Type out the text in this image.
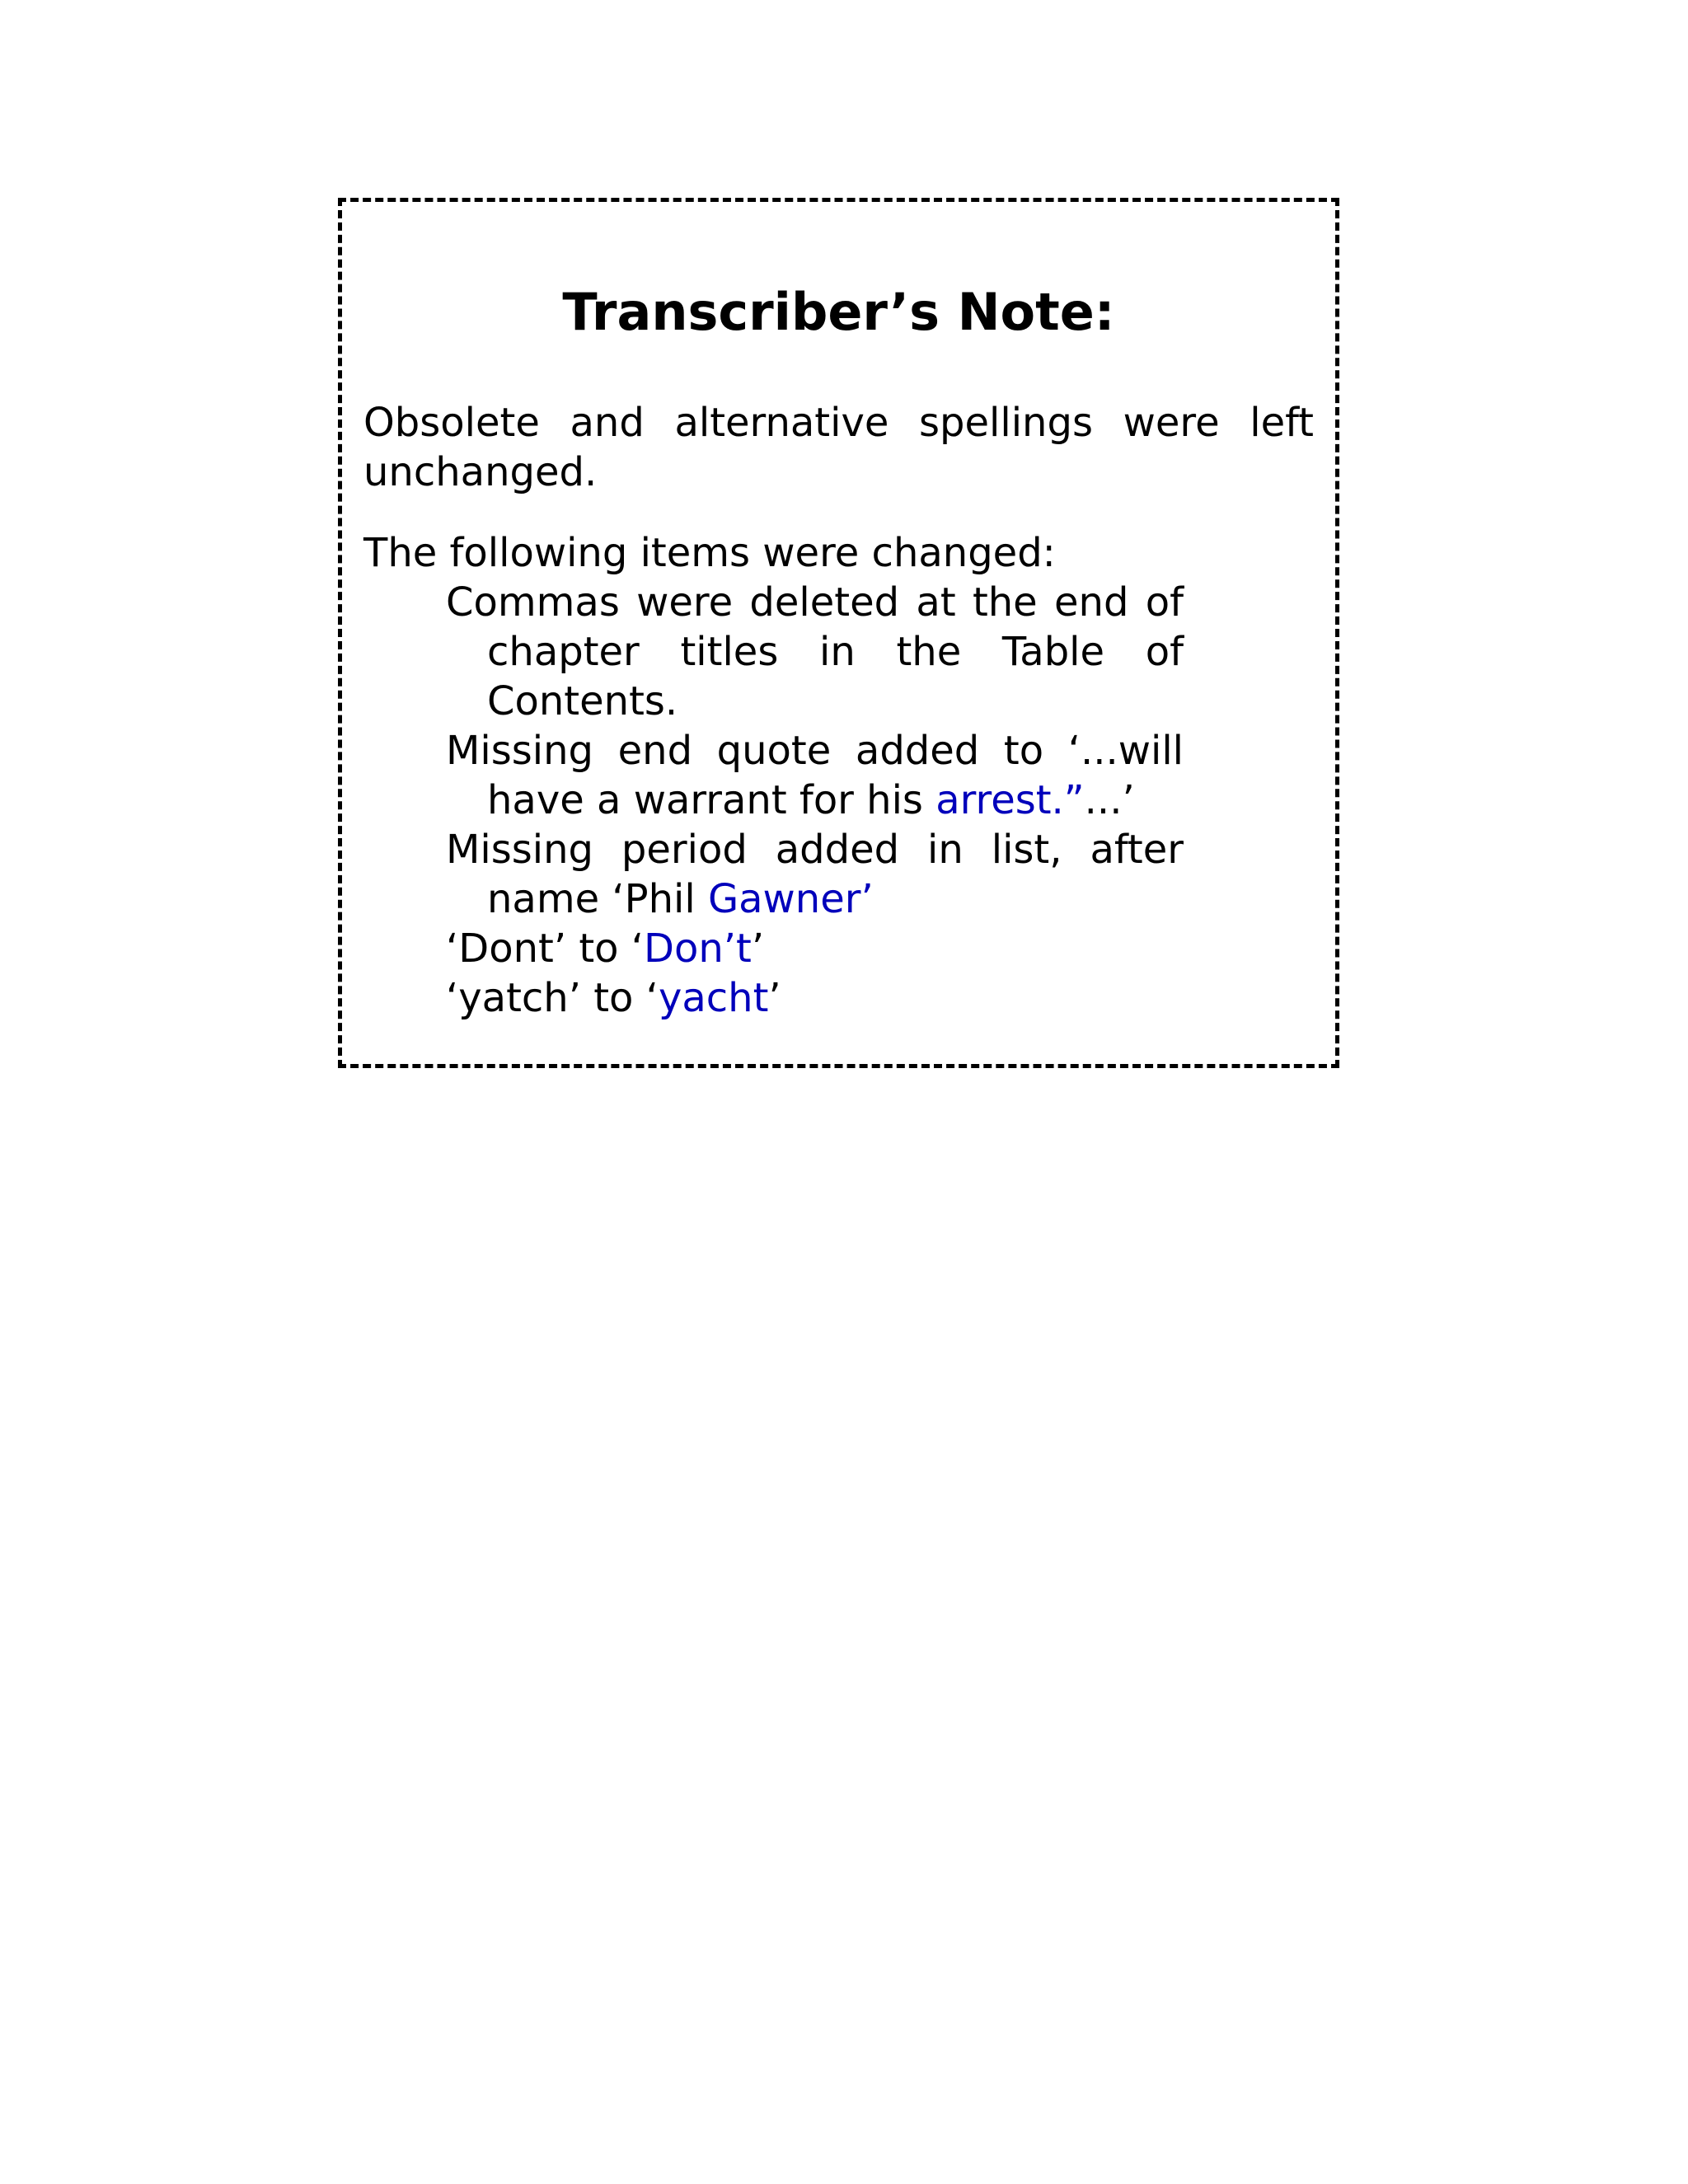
Transcriber’s Note:

Obsolete and alternative spellings were left unchanged.

The following items were changed:

Commas were deleted at the end of chapter titles in the Table of Contents.
Missing end quote added to ‘...will have a warrant for his arrest.”...’
Missing period added in list, after name ‘Phil Gawner’
‘Dont’ to ‘Don’t’
‘yatch’ to ‘yacht’
